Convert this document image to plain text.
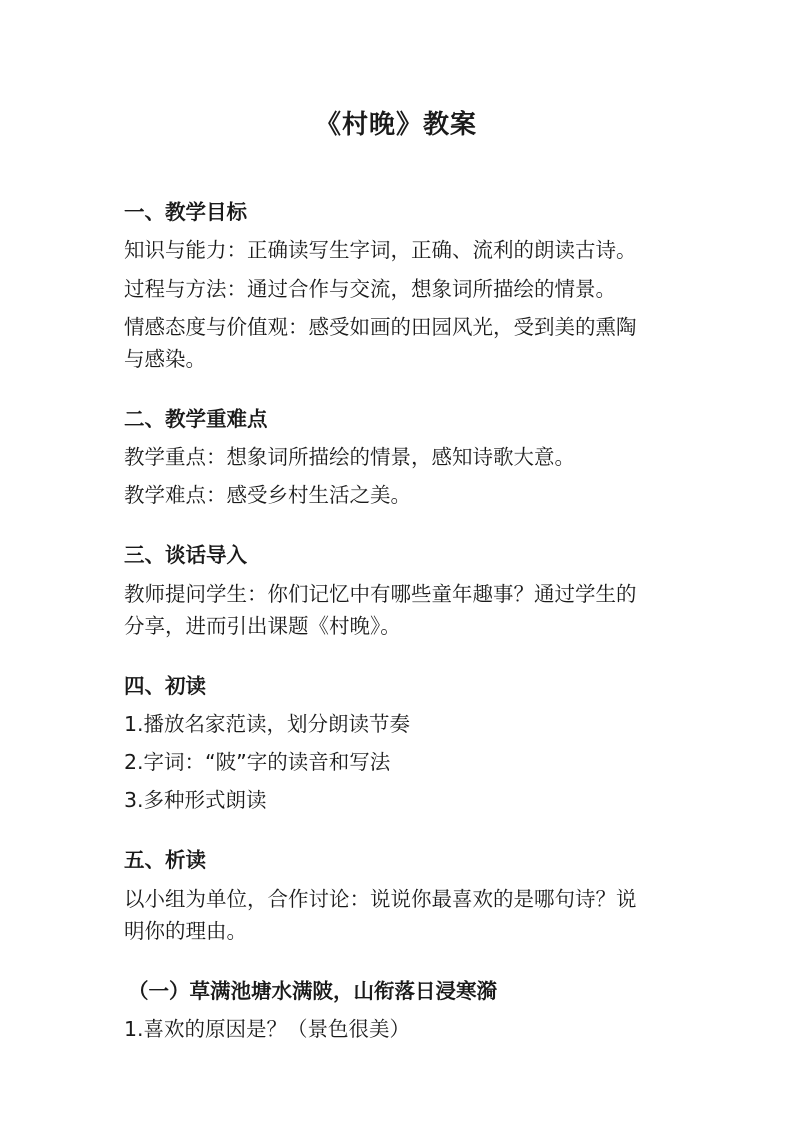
《村晚》教案

一、教学目标

知识与能力：正确读写生字词，正确、流利的朗读古诗。

过程与方法：通过合作与交流，想象词所描绘的情景。

情感态度与价值观：感受如画的田园风光，受到美的熏陶

与感染。

二、教学重难点

教学重点：想象词所描绘的情景，感知诗歌大意。

教学难点：感受乡村生活之美。

三、谈话导入

教师提问学生：你们记忆中有哪些童年趣事？通过学生的

分享，进而引出课题《村晚》。

四、初读

1.播放名家范读，划分朗读节奏

2.字词：“陂”字的读音和写法

3.多种形式朗读

五、析读

以小组为单位，合作讨论：说说你最喜欢的是哪句诗？说

明你的理由。

（一）草满池塘水满陂，山衔落日浸寒漪

1.喜欢的原因是？（景色很美）
